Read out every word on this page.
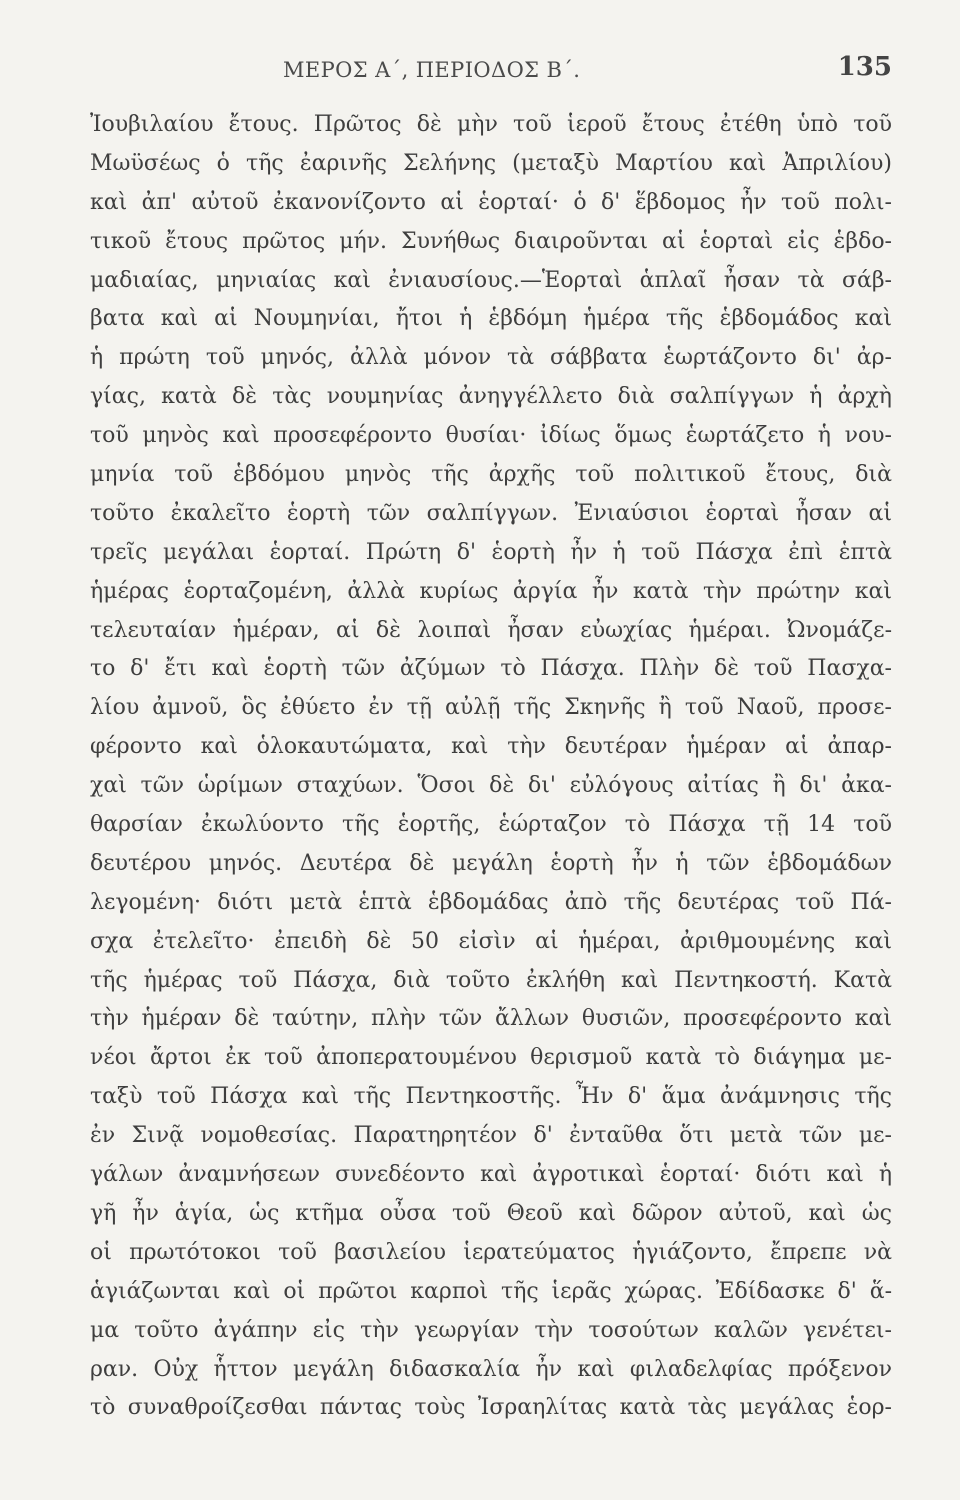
ΜΕΡΟΣ Α΄, ΠΕΡΙΟΔΟΣ Β΄.	135
Ἰουβιλαίου ἔτους. Πρῶτος δὲ μὴν τοῦ ἱεροῦ ἔτους ἐτέθη ὑπὸ τοῦ
Μωϋσέως ὁ τῆς ἐαρινῆς Σελήνης (μεταξὺ Μαρτίου καὶ Ἀπριλίου)
καὶ ἀπ' αὐτοῦ ἐκανονίζοντο αἱ ἑορταί· ὁ δ' ἕβδομος ἦν τοῦ πολι-
τικοῦ ἔτους πρῶτος μήν. Συνήθως διαιροῦνται αἱ ἑορταὶ εἰς ἑβδο-
μαδιαίας, μηνιαίας καὶ ἐνιαυσίους.—Ἑορταὶ ἁπλαῖ ἦσαν τὰ σάβ-
βατα καὶ αἱ Νουμηνίαι, ἤτοι ἡ ἑβδόμη ἡμέρα τῆς ἑβδομάδος καὶ
ἡ πρώτη τοῦ μηνός, ἀλλὰ μόνον τὰ σάββατα ἑωρτάζοντο δι' ἀρ-
γίας, κατὰ δὲ τὰς νουμηνίας ἀνηγγέλλετο διὰ σαλπίγγων ἡ ἀρχὴ
τοῦ μηνὸς καὶ προσεφέροντο θυσίαι· ἰδίως ὅμως ἑωρτάζετο ἡ νου-
μηνία τοῦ ἑβδόμου μηνὸς τῆς ἀρχῆς τοῦ πολιτικοῦ ἔτους, διὰ
τοῦτο ἐκαλεῖτο ἑορτὴ τῶν σαλπίγγων. Ἐνιαύσιοι ἑορταὶ ἦσαν αἱ
τρεῖς μεγάλαι ἑορταί. Πρώτη δ' ἑορτὴ ἦν ἡ τοῦ Πάσχα ἐπὶ ἑπτὰ
ἡμέρας ἑορταζομένη, ἀλλὰ κυρίως ἀργία ἦν κατὰ τὴν πρώτην καὶ
τελευταίαν ἡμέραν, αἱ δὲ λοιπαὶ ἦσαν εὐωχίας ἡμέραι. Ὠνομάζε-
το δ' ἔτι καὶ ἑορτὴ τῶν ἀζύμων τὸ Πάσχα. Πλὴν δὲ τοῦ Πασχα-
λίου ἀμνοῦ, ὃς ἐθύετο ἐν τῇ αὐλῇ τῆς Σκηνῆς ἢ τοῦ Ναοῦ, προσε-
φέροντο καὶ ὁλοκαυτώματα, καὶ τὴν δευτέραν ἡμέραν αἱ ἀπαρ-
χαὶ τῶν ὡρίμων σταχύων. Ὅσοι δὲ δι' εὐλόγους αἰτίας ἢ δι' ἀκα-
θαρσίαν ἐκωλύοντο τῆς ἑορτῆς, ἑώρταζον τὸ Πάσχα τῇ 14 τοῦ
δευτέρου μηνός. Δευτέρα δὲ μεγάλη ἑορτὴ ἦν ἡ τῶν ἑβδομάδων
λεγομένη· διότι μετὰ ἑπτὰ ἑβδομάδας ἀπὸ τῆς δευτέρας τοῦ Πά-
σχα ἐτελεῖτο· ἐπειδὴ δὲ 50 εἰσὶν αἱ ἡμέραι, ἀριθμουμένης καὶ
τῆς ἡμέρας τοῦ Πάσχα, διὰ τοῦτο ἐκλήθη καὶ Πεντηκοστή. Κατὰ
τὴν ἡμέραν δὲ ταύτην, πλὴν τῶν ἄλλων θυσιῶν, προσεφέροντο καὶ
νέοι ἄρτοι ἐκ τοῦ ἀποπερατουμένου θερισμοῦ κατὰ τὸ διάγημα με-
ταξὺ τοῦ Πάσχα καὶ τῆς Πεντηκοστῆς. Ἦν δ' ἅμα ἀνάμνησις τῆς
ἐν Σινᾷ νομοθεσίας. Παρατηρητέον δ' ἐνταῦθα ὅτι μετὰ τῶν με-
γάλων ἀναμνήσεων συνεδέοντο καὶ ἀγροτικαὶ ἑορταί· διότι καὶ ἡ
γῆ ἦν ἁγία, ὡς κτῆμα οὖσα τοῦ Θεοῦ καὶ δῶρον αὐτοῦ, καὶ ὡς
οἱ πρωτότοκοι τοῦ βασιλείου ἱερατεύματος ἡγιάζοντο, ἔπρεπε νὰ
ἁγιάζωνται καὶ οἱ πρῶτοι καρποὶ τῆς ἱερᾶς χώρας. Ἐδίδασκε δ' ἅ-
μα τοῦτο ἀγάπην εἰς τὴν γεωργίαν τὴν τοσούτων καλῶν γενέτει-
ραν. Οὐχ ἧττον μεγάλη διδασκαλία ἦν καὶ φιλαδελφίας πρόξενον
τὸ συναθροίζεσθαι πάντας τοὺς Ἰσραηλίτας κατὰ τὰς μεγάλας ἑορ-
